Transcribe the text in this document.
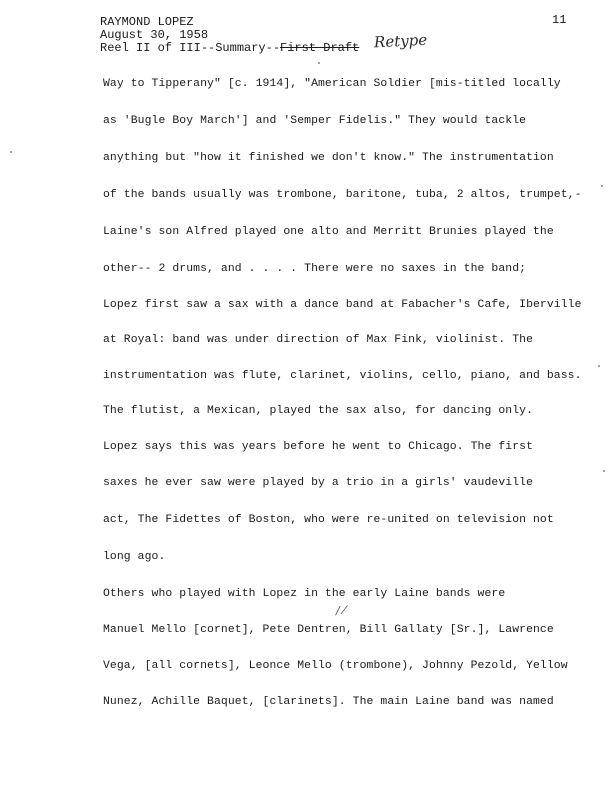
RAYMOND LOPEZ
August 30, 1958
Reel II of III--Summary--First Draft Retype
11
Way to Tipperany" [c. 1914], "American Soldier [mis-titled locally
as 'Bugle Boy March'] and 'Semper Fidelis." They would tackle
anything but "how it finished we don't know." The instrumentation
of the bands usually was trombone, baritone, tuba, 2 altos, trumpet,-
Laine's son Alfred played one alto and Merritt Brunies played the
other-- 2 drums, and . . . . There were no saxes in the band;
Lopez first saw a sax with a dance band at Fabacher's Cafe, Iberville
at Royal: band was under direction of Max Fink, violinist. The
instrumentation was flute, clarinet, violins, cello, piano, and bass.
The flutist, a Mexican, played the sax also, for dancing only.
Lopez says this was years before he went to Chicago. The first
saxes he ever saw were played by a trio in a girls' vaudeville
act, The Fidettes of Boston, who were re-united on television not
long ago.
Others who played with Lopez in the early Laine bands were
Manuel Mello [cornet], Pete Dentren, Bill Gallaty [Sr.], Lawrence
Vega, [all cornets], Leonce Mello (trombone), Johnny Pezold, Yellow
Nunez, Achille Baquet, [clarinets]. The main Laine band was named
/ ⁄
